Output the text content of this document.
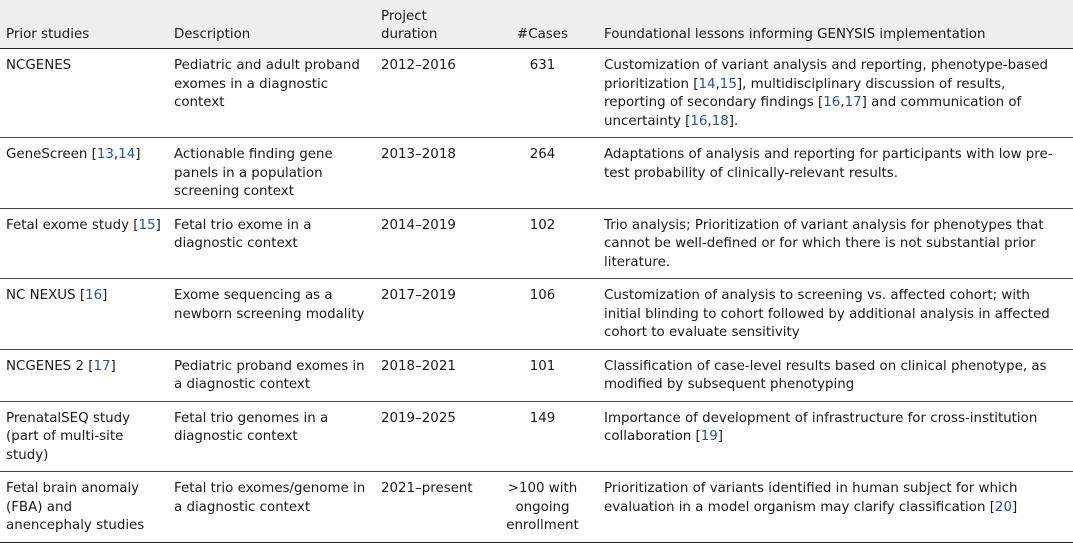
Prior studies	Description	Project duration	#Cases	Foundational lessons informing GENYSIS implementation
NCGENES	Pediatric and adult proband exomes in a diagnostic context	2012–2016	631	Customization of variant analysis and reporting, phenotype-based prioritization [14,15], multidisciplinary discussion of results, reporting of secondary findings [16,17] and communication of uncertainty [16,18].
GeneScreen [13,14]	Actionable finding gene panels in a population screening context	2013–2018	264	Adaptations of analysis and reporting for participants with low pre-test probability of clinically-relevant results.
Fetal exome study [15]	Fetal trio exome in a diagnostic context	2014–2019	102	Trio analysis; Prioritization of variant analysis for phenotypes that cannot be well-defined or for which there is not substantial prior literature.
NC NEXUS [16]	Exome sequencing as a newborn screening modality	2017–2019	106	Customization of analysis to screening vs. affected cohort; with initial blinding to cohort followed by additional analysis in affected cohort to evaluate sensitivity
NCGENES 2 [17]	Pediatric proband exomes in a diagnostic context	2018–2021	101	Classification of case-level results based on clinical phenotype, as modified by subsequent phenotyping
PrenatalSEQ study (part of multi-site study)	Fetal trio genomes in a diagnostic context	2019–2025	149	Importance of development of infrastructure for cross-institution collaboration [19]
Fetal brain anomaly (FBA) and anencephaly studies	Fetal trio exomes/genome in a diagnostic context	2021–present	>100 with ongoing enrollment	Prioritization of variants identified in human subject for which evaluation in a model organism may clarify classification [20]
